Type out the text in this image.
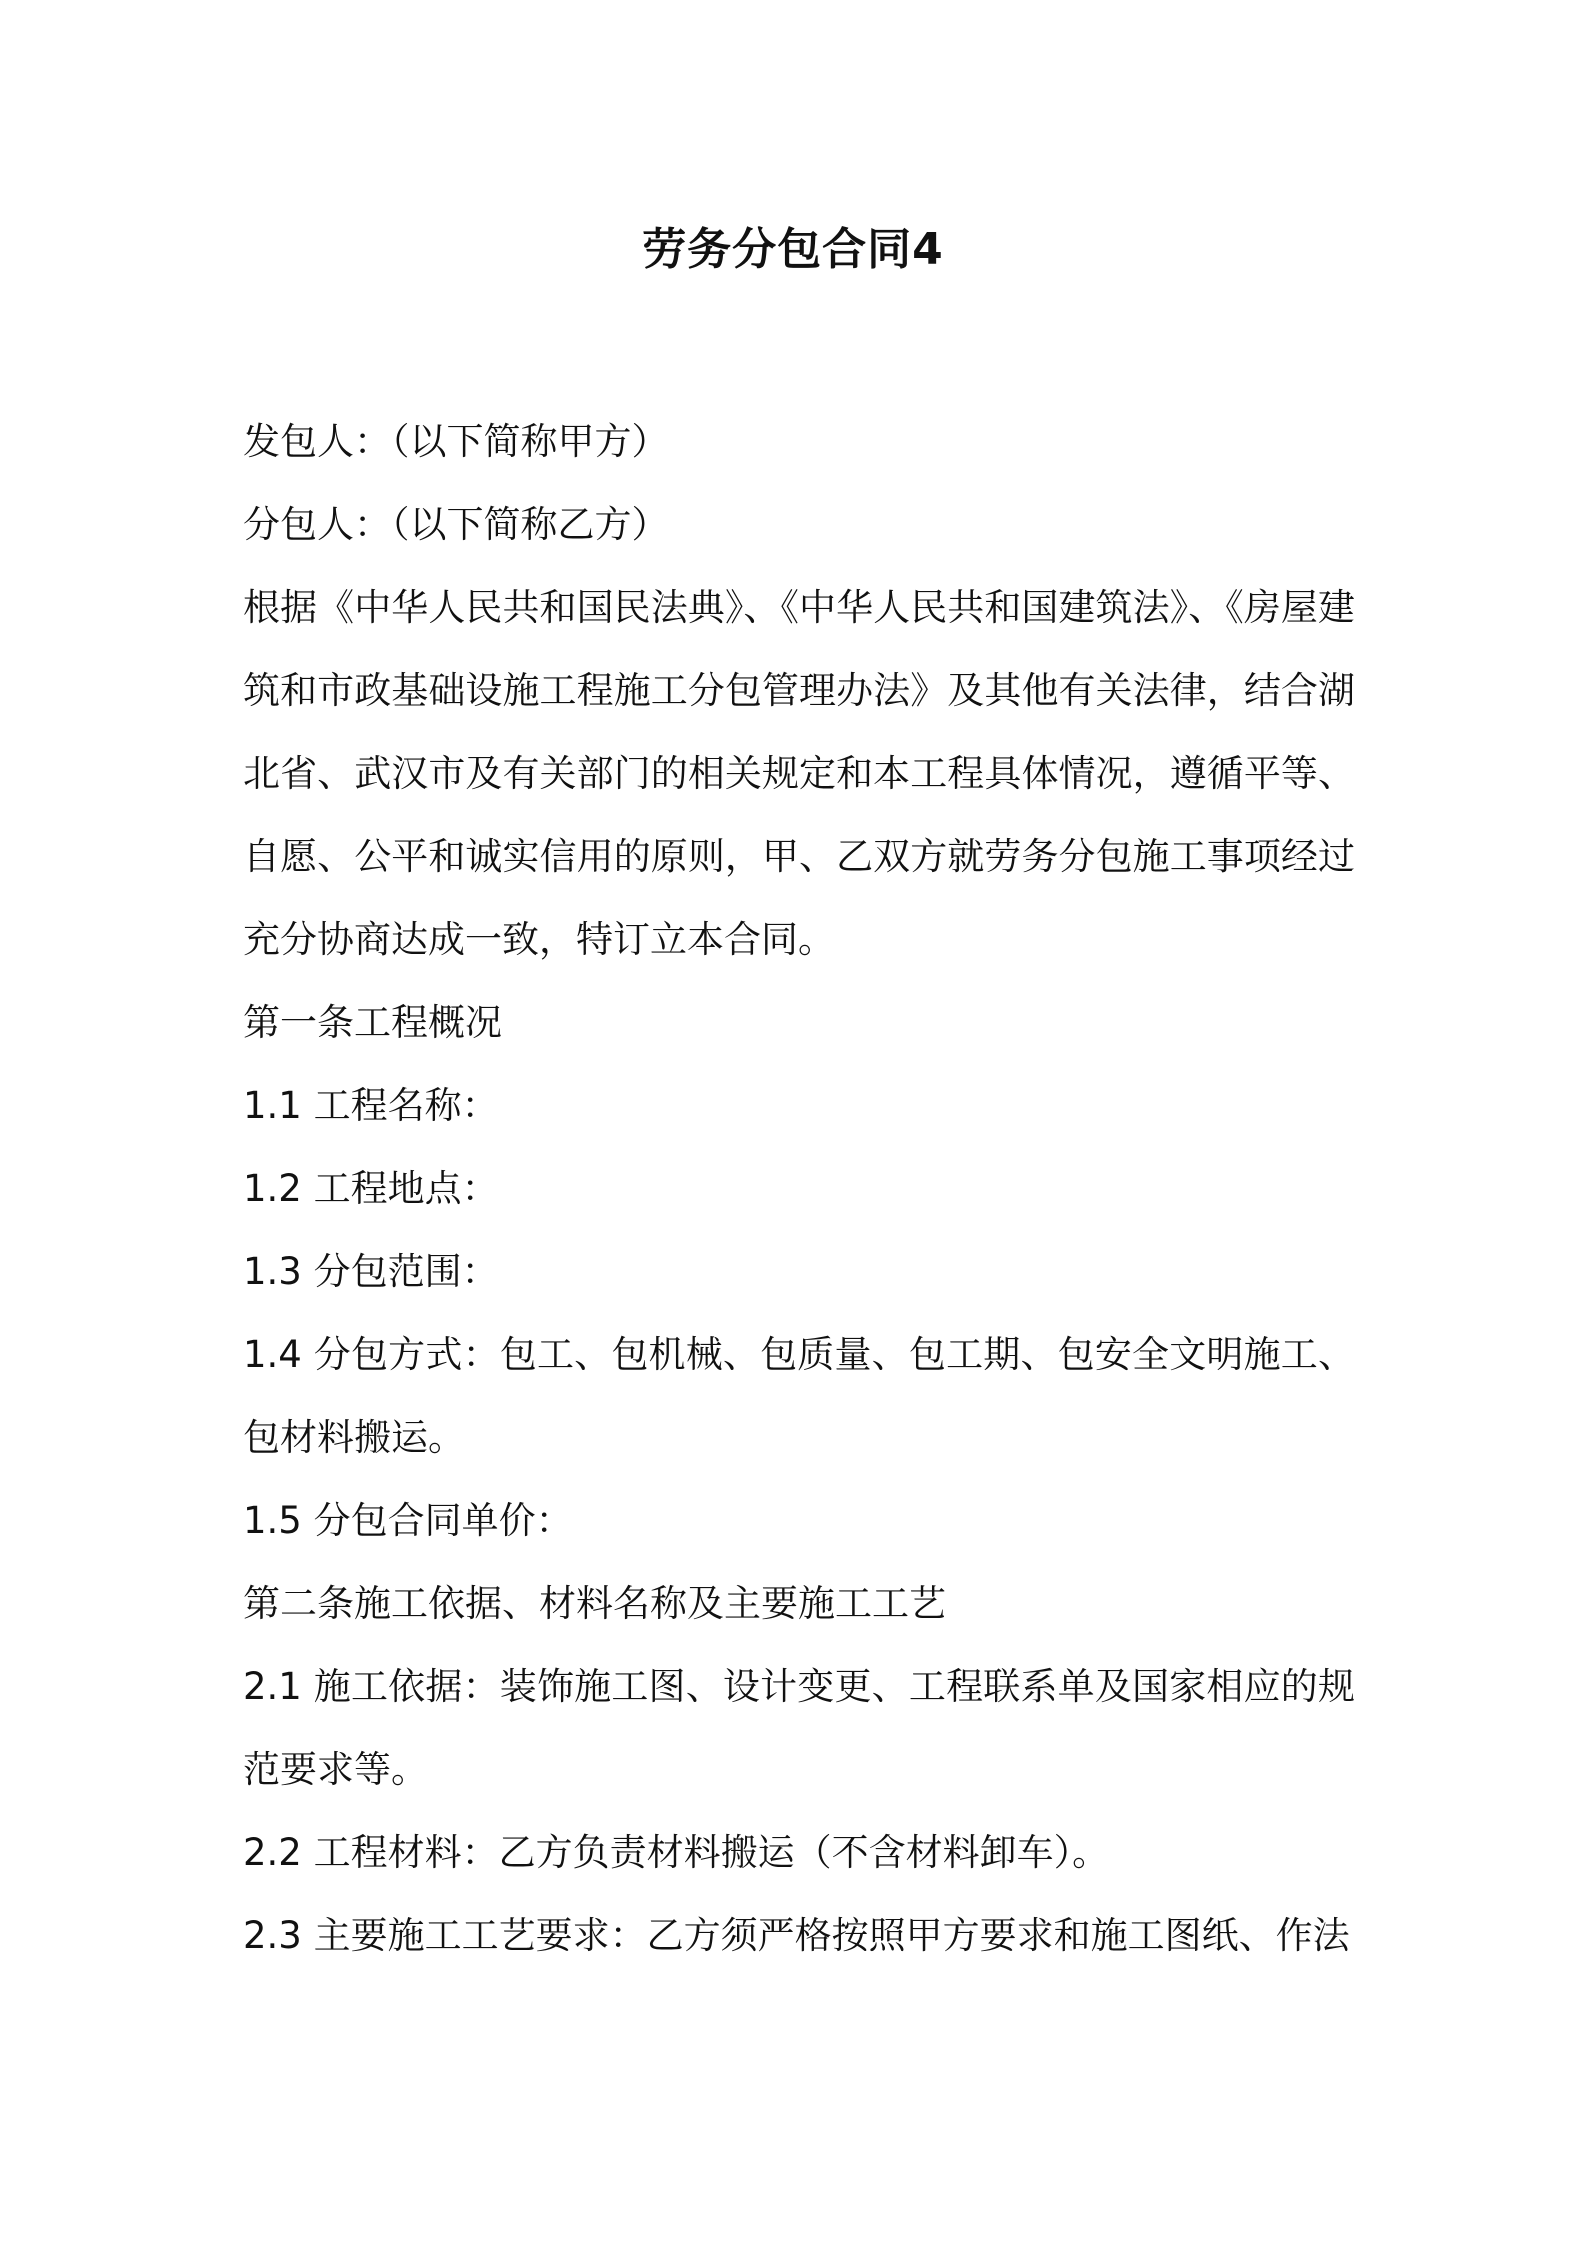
劳务分包合同4

发包人：（以下简称甲方）

分包人：（以下简称乙方）

根据《中华人民共和国民法典》、《中华人民共和国建筑法》、《房屋建筑和市政基础设施工程施工分包管理办法》及其他有关法律，结合湖北省、武汉市及有关部门的相关规定和本工程具体情况，遵循平等、自愿、公平和诚实信用的原则，甲、乙双方就劳务分包施工事项经过充分协商达成一致，特订立本合同。

第一条工程概况

1.1 工程名称：

1.2 工程地点：

1.3 分包范围：

1.4 分包方式：包工、包机械、包质量、包工期、包安全文明施工、包材料搬运。

1.5 分包合同单价：

第二条施工依据、材料名称及主要施工工艺

2.1 施工依据：装饰施工图、设计变更、工程联系单及国家相应的规范要求等。

2.2 工程材料：乙方负责材料搬运（不含材料卸车）。

2.3 主要施工工艺要求：乙方须严格按照甲方要求和施工图纸、作法
